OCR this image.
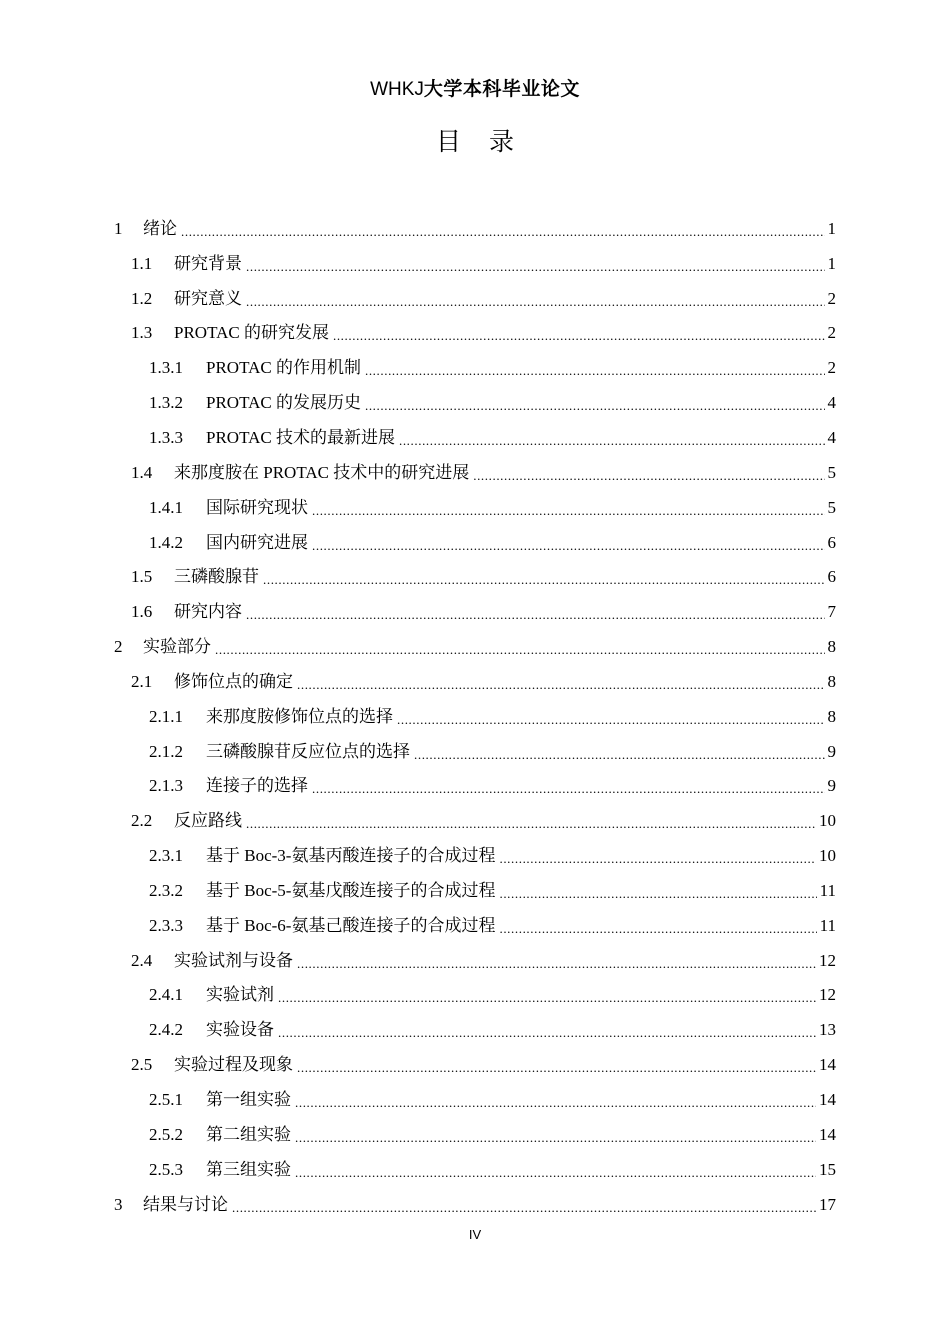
WHKJ大学本科毕业论文
目录
1	绪论 .....	1
1.1	研究背景 .....	1
1.2	研究意义 .....	2
1.3	PROTAC 的研究发展 .....	2
1.3.1	PROTAC 的作用机制 .....	2
1.3.2	PROTAC 的发展历史 .....	4
1.3.3	PROTAC 技术的最新进展 .....	4
1.4	来那度胺在 PROTAC 技术中的研究进展 .....	5
1.4.1	国际研究现状 .....	5
1.4.2	国内研究进展 .....	6
1.5	三磷酸腺苷 .....	6
1.6	研究内容 .....	7
2	实验部分 .....	8
2.1	修饰位点的确定 .....	8
2.1.1	来那度胺修饰位点的选择 .....	8
2.1.2	三磷酸腺苷反应位点的选择 .....	9
2.1.3	连接子的选择 .....	9
2.2	反应路线 .....	10
2.3.1	基于 Boc-3-氨基丙酸连接子的合成过程 .....	10
2.3.2	基于 Boc-5-氨基戊酸连接子的合成过程 .....	11
2.3.3	基于 Boc-6-氨基己酸连接子的合成过程 .....	11
2.4	实验试剂与设备 .....	12
2.4.1	实验试剂 .....	12
2.4.2	实验设备 .....	13
2.5	实验过程及现象 .....	14
2.5.1	第一组实验 .....	14
2.5.2	第二组实验 .....	14
2.5.3	第三组实验 .....	15
3	结果与讨论 .....	17
IV
